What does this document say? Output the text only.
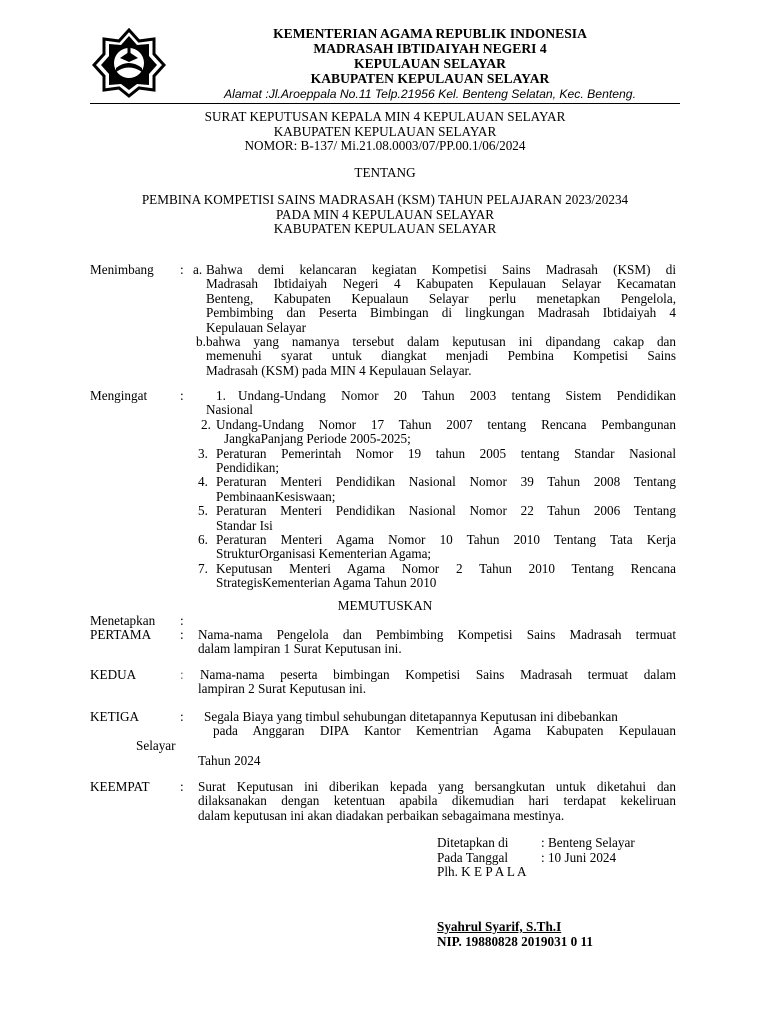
KEMENTERIAN AGAMA REPUBLIK INDONESIA
MADRASAH IBTIDAIYAH NEGERI 4
KEPULAUAN SELAYAR
KABUPATEN KEPULAUAN SELAYAR
Alamat :Jl.Aroeppala No.11 Telp.21956 Kel. Benteng Selatan, Kec. Benteng.
SURAT KEPUTUSAN KEPALA MIN 4 KEPULAUAN SELAYAR
KABUPATEN KEPULAUAN SELAYAR
NOMOR: B-137/ Mi.21.08.0003/07/PP.00.1/06/2024
TENTANG
PEMBINA KOMPETISI SAINS MADRASAH (KSM) TAHUN PELAJARAN 2023/20234
PADA MIN 4 KEPULAUAN SELAYAR
KABUPATEN KEPULAUAN SELAYAR
Menimbang : a. Bahwa demi kelancaran kegiatan Kompetisi Sains Madrasah (KSM) di
Madrasah Ibtidaiyah Negeri 4 Kabupaten Kepulauan Selayar Kecamatan
Benteng, Kabupaten Kepualaun Selayar perlu menetapkan Pengelola,
Pembimbing dan Peserta Bimbingan di lingkungan Madrasah Ibtidaiyah 4
Kepulauan Selayar
b. bahwa yang namanya tersebut dalam keputusan ini dipandang cakap dan
memenuhi syarat untuk diangkat menjadi Pembina Kompetisi Sains
Madrasah (KSM) pada MIN 4 Kepulauan Selayar.
Mengingat : 1. Undang-Undang Nomor 20 Tahun 2003 tentang Sistem Pendidikan
Nasional
2. Undang-Undang Nomor 17 Tahun 2007 tentang Rencana Pembangunan
JangkaPanjang Periode 2005-2025;
3. Peraturan Pemerintah Nomor 19 tahun 2005 tentang Standar Nasional
Pendidikan;
4. Peraturan Menteri Pendidikan Nasional Nomor 39 Tahun 2008 Tentang
PembinaanKesiswaan;
5. Peraturan Menteri Pendidikan Nasional Nomor 22 Tahun 2006 Tentang
Standar Isi
6. Peraturan Menteri Agama Nomor 10 Tahun 2010 Tentang Tata Kerja
StrukturOrganisasi Kementerian Agama;
7. Keputusan Menteri Agama Nomor 2 Tahun 2010 Tentang Rencana
StrategisKementerian Agama Tahun 2010
MEMUTUSKAN
Menetapkan :
PERTAMA : Nama-nama Pengelola dan Pembimbing Kompetisi Sains Madrasah termuat
dalam lampiran 1 Surat Keputusan ini.
KEDUA	: Nama-nama peserta bimbingan Kompetisi Sains Madrasah termuat dalam
lampiran 2 Surat Keputusan ini.
KETIGA	: Segala Biaya yang timbul sehubungan ditetapannya Keputusan ini dibebankan
pada Anggaran DIPA Kantor Kementrian Agama Kabupaten Kepulauan
Selayar
Tahun 2024
KEEMPAT : Surat Keputusan ini diberikan kepada yang bersangkutan untuk diketahui dan
dilaksanakan dengan ketentuan apabila dikemudian hari terdapat kekeliruan
dalam keputusan ini akan diadakan perbaikan sebagaimana mestinya.
Ditetapkan di : Benteng Selayar
Pada Tanggal	: 10 Juni 2024
Plh. K E P A L A
Syahrul Syarif, S.Th.I
NIP. 19880828 2019031 0 11
